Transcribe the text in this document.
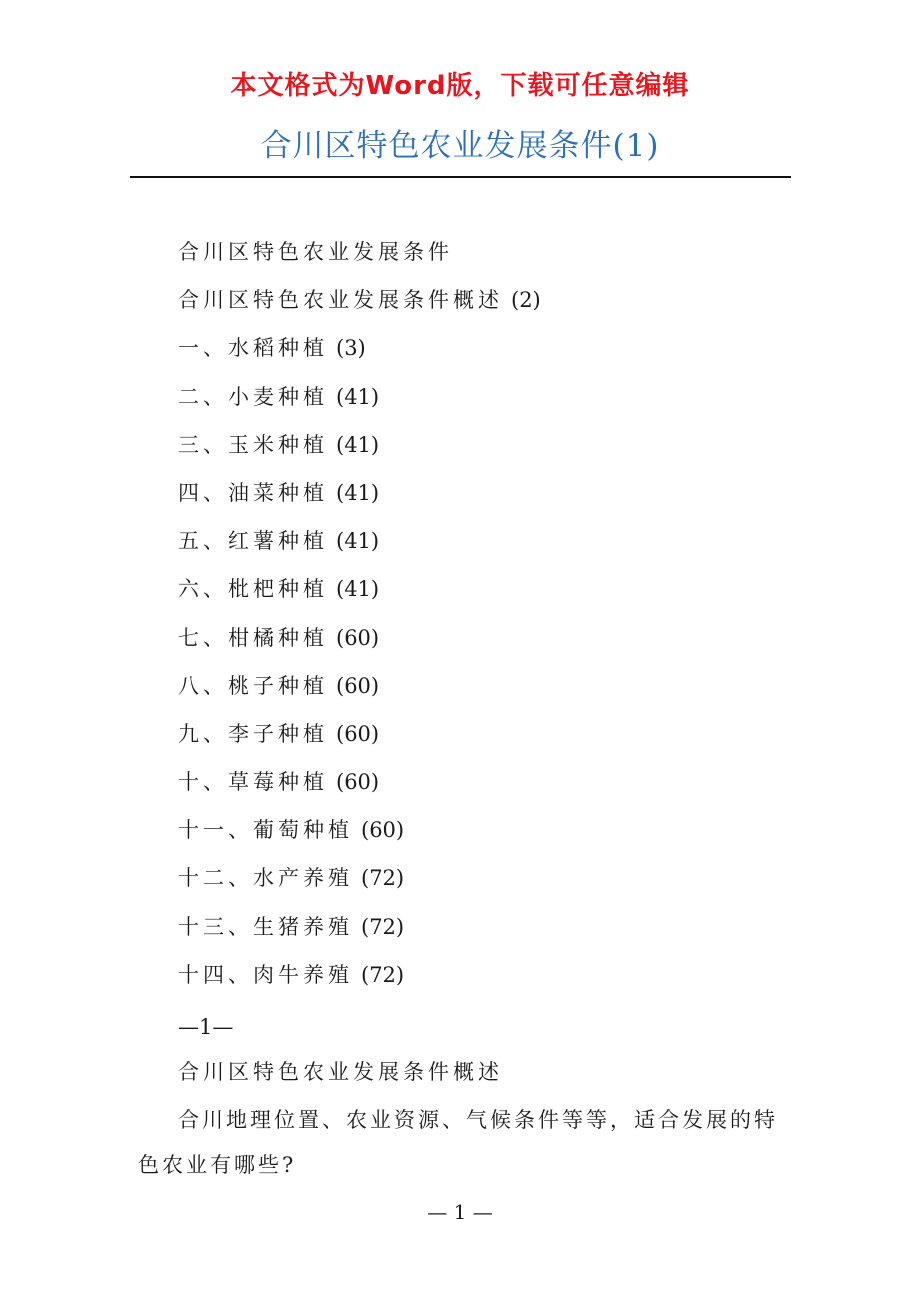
本文格式为Word版，下载可任意编辑
合川区特色农业发展条件(1)
合川区特色农业发展条件
合川区特色农业发展条件概述 (2)
一、水稻种植 (3)
二、小麦种植 (41)
三、玉米种植 (41)
四、油菜种植 (41)
五、红薯种植 (41)
六、枇杷种植 (41)
七、柑橘种植 (60)
八、桃子种植 (60)
九、李子种植 (60)
十、草莓种植 (60)
十一、葡萄种植 (60)
十二、水产养殖 (72)
十三、生猪养殖 (72)
十四、肉牛养殖 (72)
—1—
合川区特色农业发展条件概述

合川地理位置、农业资源、气候条件等等，适合发展的特色农业有哪些?

— 1 —
